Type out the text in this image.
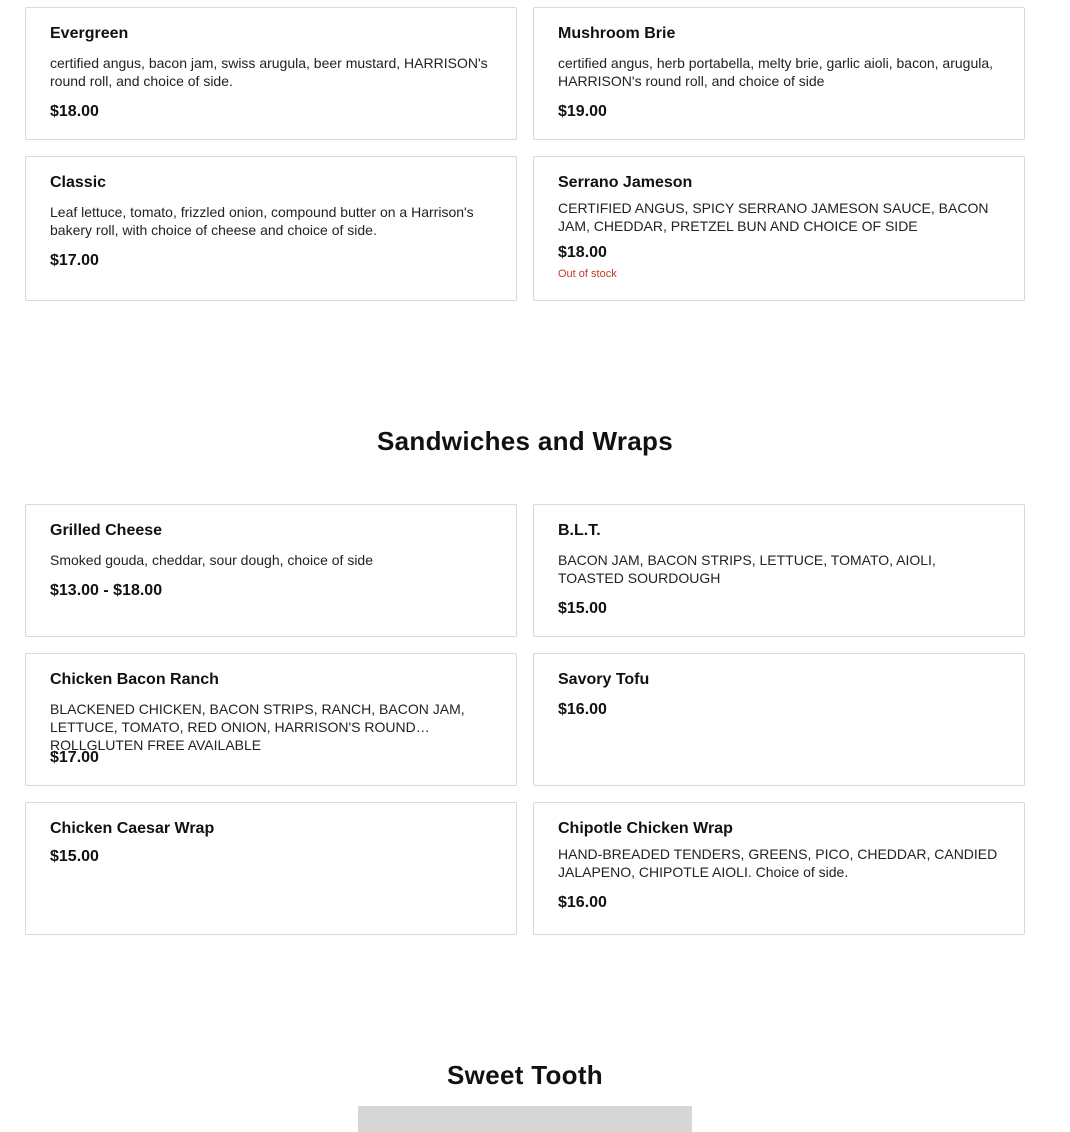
Evergreen

certified angus, bacon jam, swiss arugula, beer mustard, HARRISON's round roll, and choice of side.

$18.00

Mushroom Brie

certified angus, herb portabella, melty brie, garlic aioli, bacon, arugula, HARRISON's round roll, and choice of side

$19.00

Classic

Leaf lettuce, tomato, frizzled onion, compound butter on a Harrison's bakery roll, with choice of cheese and choice of side.

$17.00

Serrano Jameson

CERTIFIED ANGUS, SPICY SERRANO JAMESON SAUCE, BACON JAM, CHEDDAR, PRETZEL BUN AND CHOICE OF SIDE

$18.00

Out of stock

Sandwiches and Wraps

Grilled Cheese

Smoked gouda, cheddar, sour dough, choice of side

$13.00 - $18.00

B.L.T.

BACON JAM, BACON STRIPS, LETTUCE, TOMATO, AIOLI, TOASTED SOURDOUGH

$15.00

Chicken Bacon Ranch

BLACKENED CHICKEN, BACON STRIPS, RANCH, BACON JAM, LETTUCE, TOMATO, RED ONION, HARRISON'S ROUND ROLLGLUTEN FREE AVAILABLE

$17.00

Savory Tofu

$16.00

Chicken Caesar Wrap

$15.00

Chipotle Chicken Wrap

HAND-BREADED TENDERS, GREENS, PICO, CHEDDAR, CANDIED JALAPENO, CHIPOTLE AIOLI. Choice of side.

$16.00

Sweet Tooth
